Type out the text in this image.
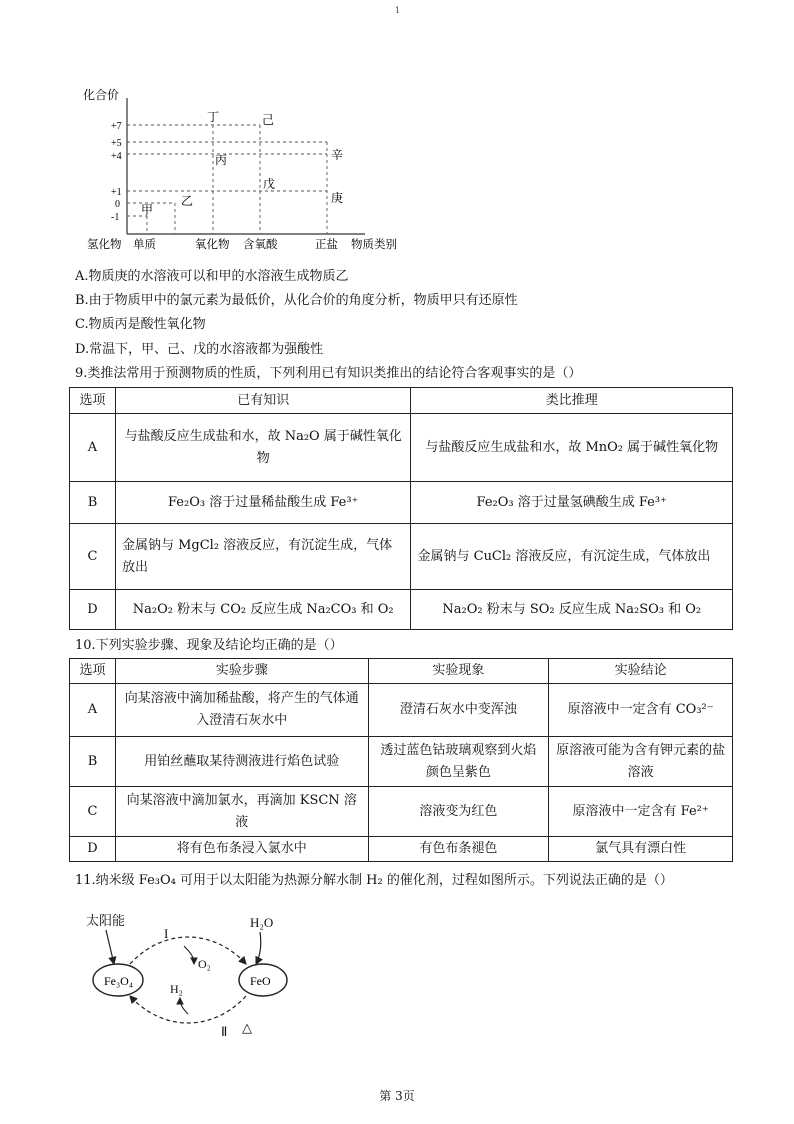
1
化合价
+7
+5
+4
+1
0
-1
甲
乙
丙
丁
戊
己
庚
辛
氢化物 单质	氧化物 含氧酸	正盐 物质类别
A.物质庚的水溶液可以和甲的水溶液生成物质乙
B.由于物质甲中的氯元素为最低价，从化合价的角度分析，物质甲只有还原性
C.物质丙是酸性氧化物
D.常温下，甲、己、戊的水溶液都为强酸性
9.类推法常用于预测物质的性质，下列利用已有知识类推出的结论符合客观事实的是（）
选项	已有知识	类比推理
A	与盐酸反应生成盐和水，故 Na₂O 属于碱性氧化物	与盐酸反应生成盐和水，故 MnO₂ 属于碱性氧化物
B	Fe₂O₃ 溶于过量稀盐酸生成 Fe³⁺	Fe₂O₃ 溶于过量氢碘酸生成 Fe³⁺
C	金属钠与 MgCl₂ 溶液反应，有沉淀生成，气体放出	金属钠与 CuCl₂ 溶液反应，有沉淀生成，气体放出
D	Na₂O₂ 粉末与 CO₂ 反应生成 Na₂CO₃ 和 O₂	Na₂O₂ 粉末与 SO₂ 反应生成 Na₂SO₃ 和 O₂
10.下列实验步骤、现象及结论均正确的是（）
选项	实验步骤	实验现象	实验结论
A	向某溶液中滴加稀盐酸，将产生的气体通入澄清石灰水中	澄清石灰水中变浑浊	原溶液中一定含有 CO₃²⁻
B	用铂丝蘸取某待测液进行焰色试验	透过蓝色钴玻璃观察到火焰颜色呈紫色	原溶液可能为含有钾元素的盐溶液
C	向某溶液中滴加氯水，再滴加 KSCN 溶液	溶液变为红色	原溶液中一定含有 Fe²⁺
D	将有色布条浸入氯水中	有色布条褪色	氯气具有漂白性
11.纳米级 Fe₃O₄ 可用于以太阳能为热源分解水制 H₂ 的催化剂，过程如图所示。下列说法正确的是（）
太阳能	H₂O
I
O₂
H₂
Ⅱ △
Fe₃O₄	FeO
第 3页
